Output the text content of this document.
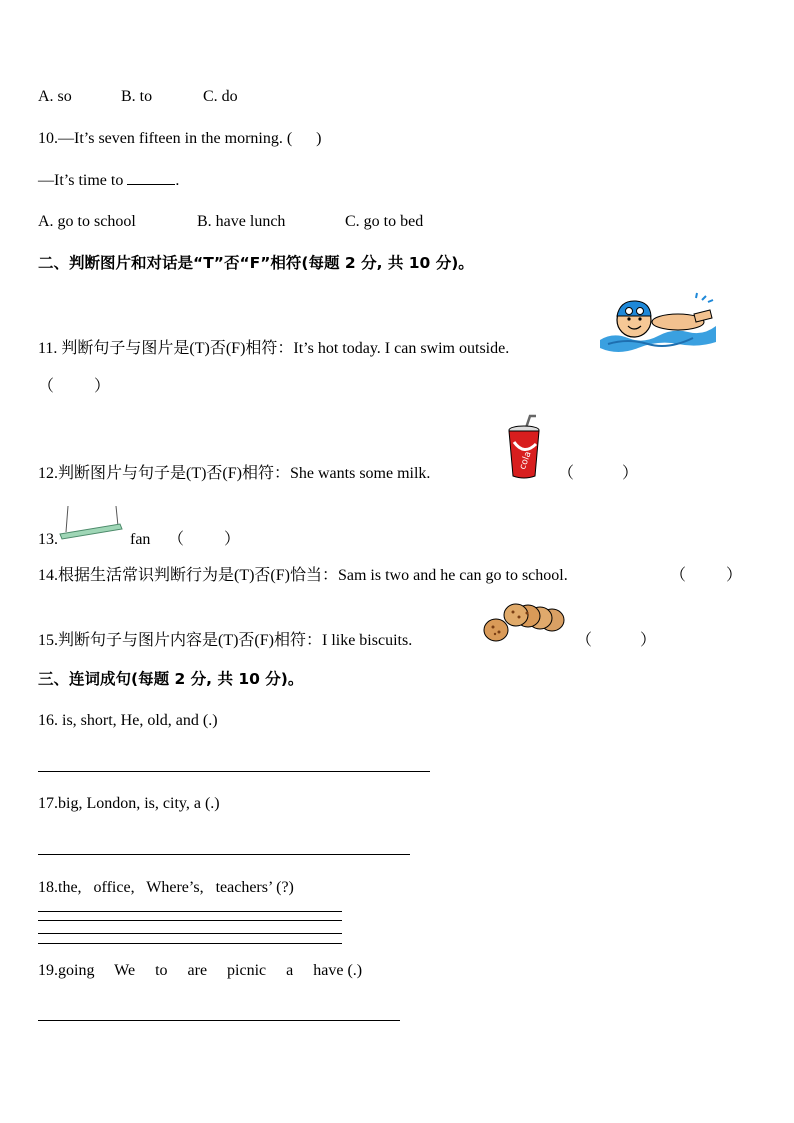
A. so	B. to	C. do
10.—It’s seven fifteen in the morning. (      )
—It’s time to	.
A. go to school	B. have lunch	C. go to bed
二、判断图片和对话是“T”否“F”相符(每题 2 分, 共 10 分)。
11. 判断句子与图片是(T)否(F)相符：It’s hot today. I can swim outside.
（          ）
12.判断图片与句子是(T)否(F)相符：She wants some milk.
cola
（            ）
13.	fan （          ）
14.根据生活常识判断行为是(T)否(F)恰当：Sam is two and he can go to school.	（          ）
15.判断句子与图片内容是(T)否(F)相符：I like biscuits.	（            ）
三、连词成句(每题 2 分, 共 10 分)。
16. is, short, He, old, and (.)
17.big, London, is, city, a (.)
18.the,   office,   Where’s,   teachers’ (?)
19.going     We     to     are     picnic     a     have (.)
